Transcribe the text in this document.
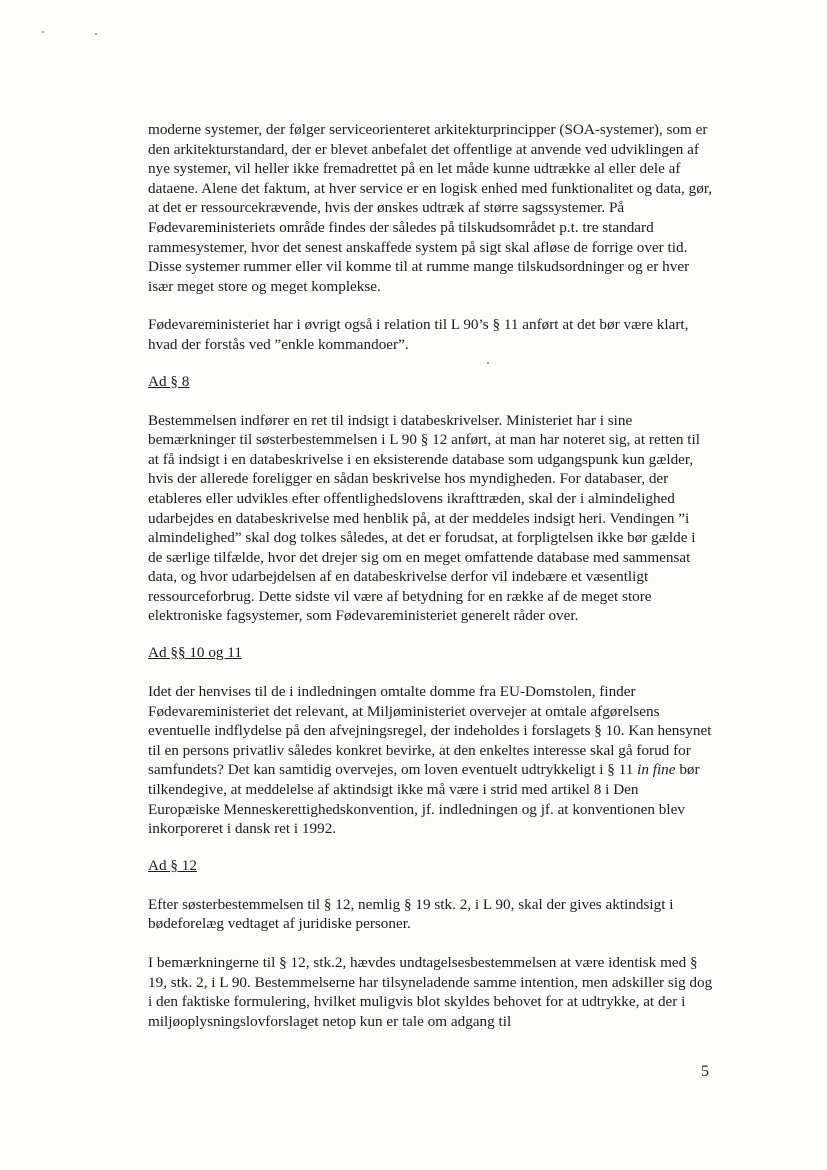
moderne systemer, der følger serviceorienteret arkitekturprincipper (SOA-systemer), som er den arkitekturstandard, der er blevet anbefalet det offentlige at anvende ved udviklingen af nye systemer, vil heller ikke fremadrettet på en let måde kunne udtrække al eller dele af dataene. Alene det faktum, at hver service er en logisk enhed med funktionalitet og data, gør, at det er ressourcekrævende, hvis der ønskes udtræk af større sagssystemer. På Fødevareministeriets område findes der således på tilskudsområdet p.t. tre standard rammesystemer, hvor det senest anskaffede system på sigt skal afløse de forrige over tid. Disse systemer rummer eller vil komme til at rumme mange tilskudsordninger og er hver især meget store og meget komplekse.

Fødevareministeriet har i øvrigt også i relation til L 90’s § 11 anført at det bør være klart, hvad der forstås ved ”enkle kommandoer”.

Ad § 8

Bestemmelsen indfører en ret til indsigt i databeskrivelser. Ministeriet har i sine bemærkninger til søsterbestemmelsen i L 90 § 12 anført, at man har noteret sig, at retten til at få indsigt i en databeskrivelse i en eksisterende database som udgangspunk kun gælder, hvis der allerede foreligger en sådan beskrivelse hos myndigheden. For databaser, der etableres eller udvikles efter offentlighedslovens ikrafttræden, skal der i almindelighed udarbejdes en databeskrivelse med henblik på, at der meddeles indsigt heri. Vendingen ”i almindelighed” skal dog tolkes således, at det er forudsat, at forpligtelsen ikke bør gælde i de særlige tilfælde, hvor det drejer sig om en meget omfattende database med sammensat data, og hvor udarbejdelsen af en databeskrivelse derfor vil indebære et væsentligt ressourceforbrug. Dette sidste vil være af betydning for en række af de meget store elektroniske fagsystemer, som Fødevareministeriet generelt råder over.

Ad §§ 10 og 11

Idet der henvises til de i indledningen omtalte domme fra EU-Domstolen, finder Fødevareministeriet det relevant, at Miljøministeriet overvejer at omtale afgørelsens eventuelle indflydelse på den afvejningsregel, der indeholdes i forslagets § 10. Kan hensynet til en persons privatliv således konkret bevirke, at den enkeltes interesse skal gå forud for samfundets? Det kan samtidig overvejes, om loven eventuelt udtrykkeligt i § 11 in fine bør tilkendegive, at meddelelse af aktindsigt ikke må være i strid med artikel 8 i Den Europæiske Menneskerettighedskonvention, jf. indledningen og jf. at konventionen blev inkorporeret i dansk ret i 1992.

Ad § 12

Efter søsterbestemmelsen til § 12, nemlig § 19 stk. 2, i L 90, skal der gives aktindsigt i bødeforelæg vedtaget af juridiske personer.

I bemærkningerne til § 12, stk.2, hævdes undtagelsesbestemmelsen at være identisk med § 19, stk. 2, i L 90. Bestemmelserne har tilsyneladende samme intention, men adskiller sig dog i den faktiske formulering, hvilket muligvis blot skyldes behovet for at udtrykke, at der i miljøoplysningslovforslaget netop kun er tale om adgang til

5
